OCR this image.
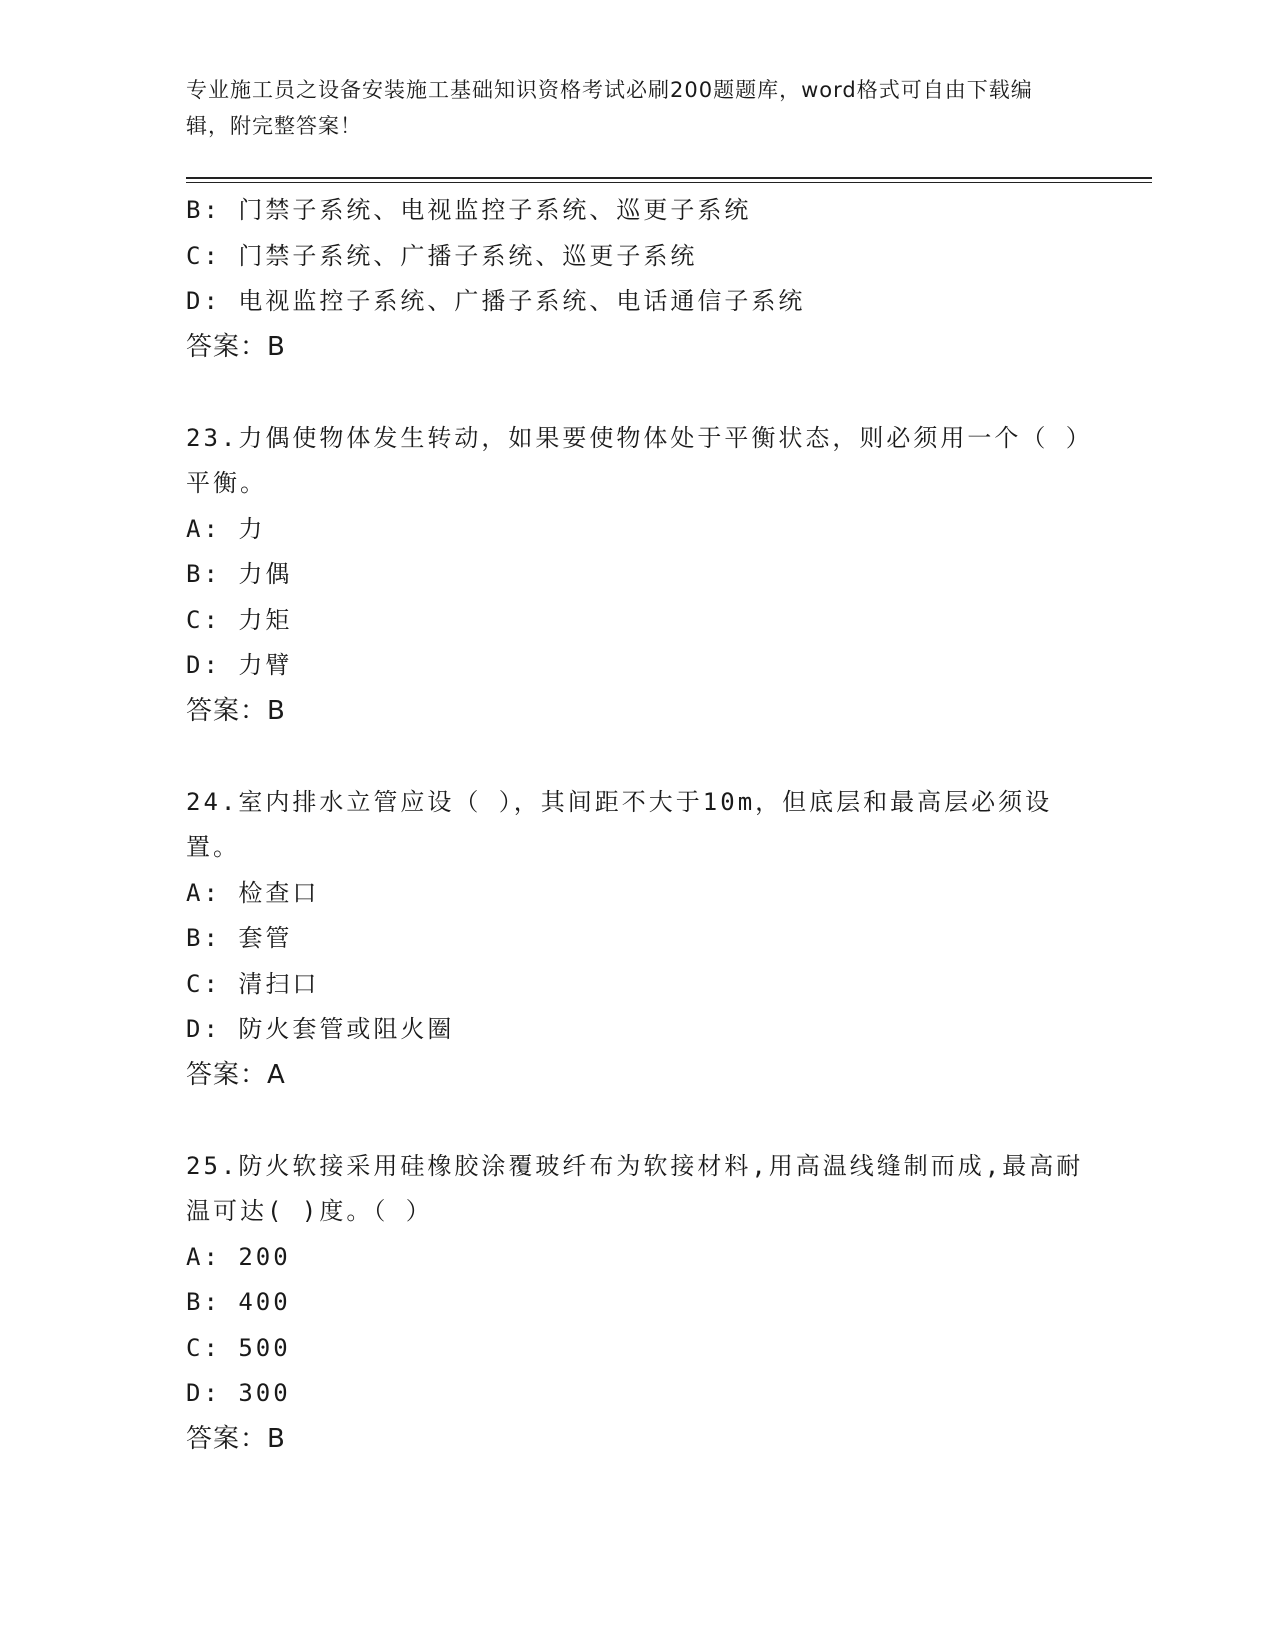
专业施工员之设备安装施工基础知识资格考试必刷200题题库，word格式可自由下载编辑，附完整答案！
B: 门禁子系统、电视监控子系统、巡更子系统
C: 门禁子系统、广播子系统、巡更子系统
D: 电视监控子系统、广播子系统、电话通信子系统
答案：B
23.力偶使物体发生转动，如果要使物体处于平衡状态，则必须用一个（ ）平衡。
A: 力
B: 力偶
C: 力矩
D: 力臂
答案：B
24.室内排水立管应设（ ），其间距不大于10m，但底层和最高层必须设置。
A: 检查口
B: 套管
C: 清扫口
D: 防火套管或阻火圈
答案：A
25.防火软接采用硅橡胶涂覆玻纤布为软接材料,用高温线缝制而成,最高耐温可达( )度。（ ）
A: 200
B: 400
C: 500
D: 300
答案：B
